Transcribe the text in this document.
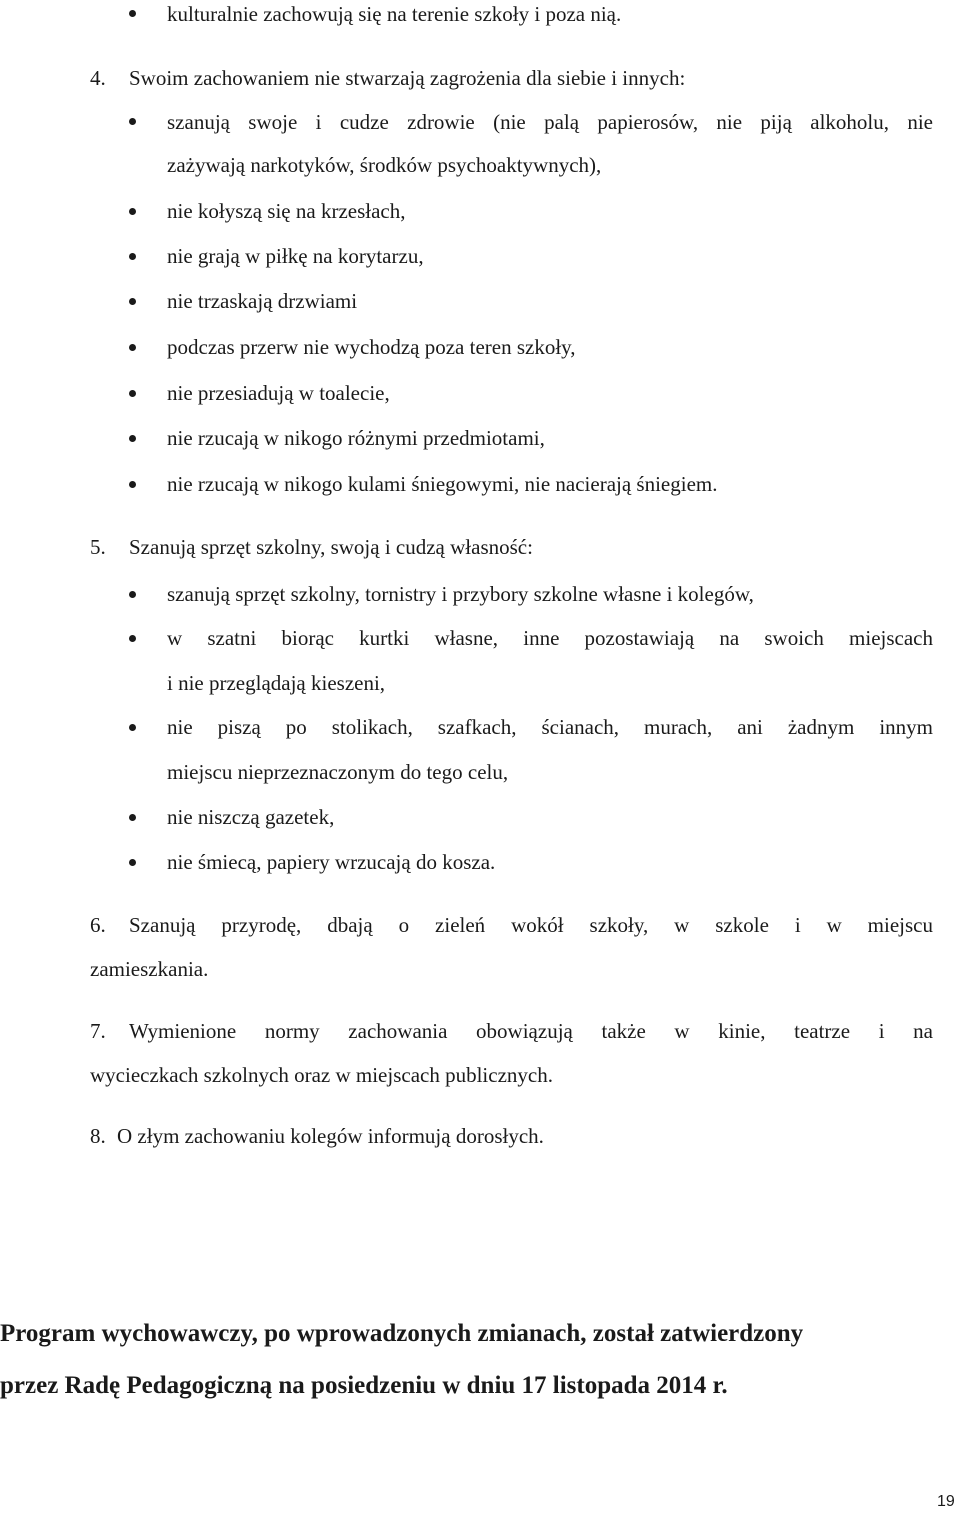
kulturalnie zachowują się na terenie szkoły i poza nią.
4. Swoim zachowaniem nie stwarzają zagrożenia dla siebie i innych:
szanują swoje i cudze zdrowie (nie palą papierosów, nie piją alkoholu, nie
zażywają narkotyków, środków psychoaktywnych),
nie kołyszą się na krzesłach,
nie grają w piłkę na korytarzu,
nie trzaskają drzwiami
podczas przerw nie wychodzą poza teren szkoły,
nie przesiadują w toalecie,
nie rzucają w nikogo różnymi przedmiotami,
nie rzucają w nikogo kulami śniegowymi, nie nacierają śniegiem.
5. Szanują sprzęt szkolny, swoją i cudzą własność:
szanują sprzęt szkolny, tornistry i przybory szkolne własne i kolegów,
w szatni biorąc kurtki własne, inne pozostawiają na swoich miejscach
i nie przeglądają kieszeni,
nie piszą po stolikach, szafkach, ścianach, murach, ani żadnym innym
miejscu nieprzeznaczonym do tego celu,
nie niszczą gazetek,
nie śmiecą, papiery wrzucają do kosza.
6. Szanują przyrodę, dbają o zieleń wokół szkoły, w szkole i w miejscu
zamieszkania.
7. Wymienione normy zachowania obowiązują także w kinie, teatrze i na
wycieczkach szkolnych oraz w miejscach publicznych.
8. O złym zachowaniu kolegów informują dorosłych.
Program wychowawczy, po wprowadzonych zmianach, został zatwierdzony
przez Radę Pedagogiczną na posiedzeniu w dniu 17 listopada 2014 r.
19
